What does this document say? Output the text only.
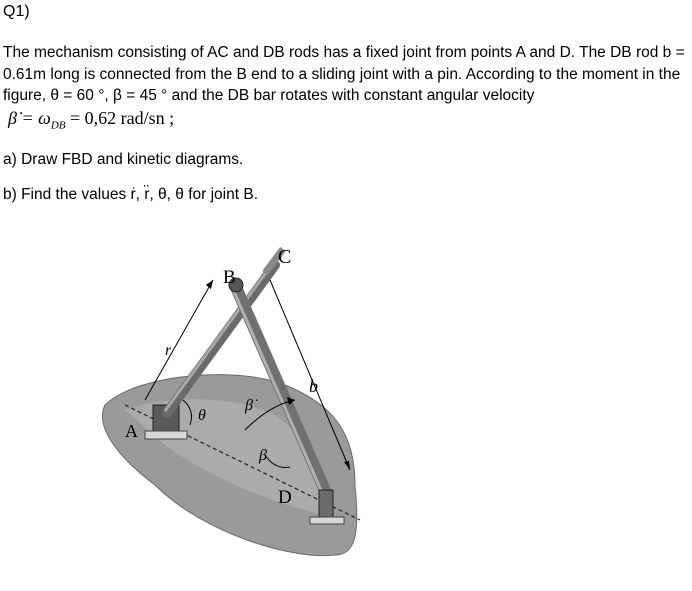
Q1)
The mechanism consisting of AC and DB rods has a fixed joint from points A and D. The DB rod b = 0.61m long is connected from the B end to a sliding joint with a pin. According to the moment in the figure, θ = 60 °, β = 45 ° and the DB bar rotates with constant angular velocity
β̇ = $\omega_{DB} = 0,62$ rad/sn ;
a) Draw FBD and kinetic diagrams.
b) Find the values ṙ, r̈, θ, θ for joint B.
A
B
C
D
r
b
θ
β̇
β
